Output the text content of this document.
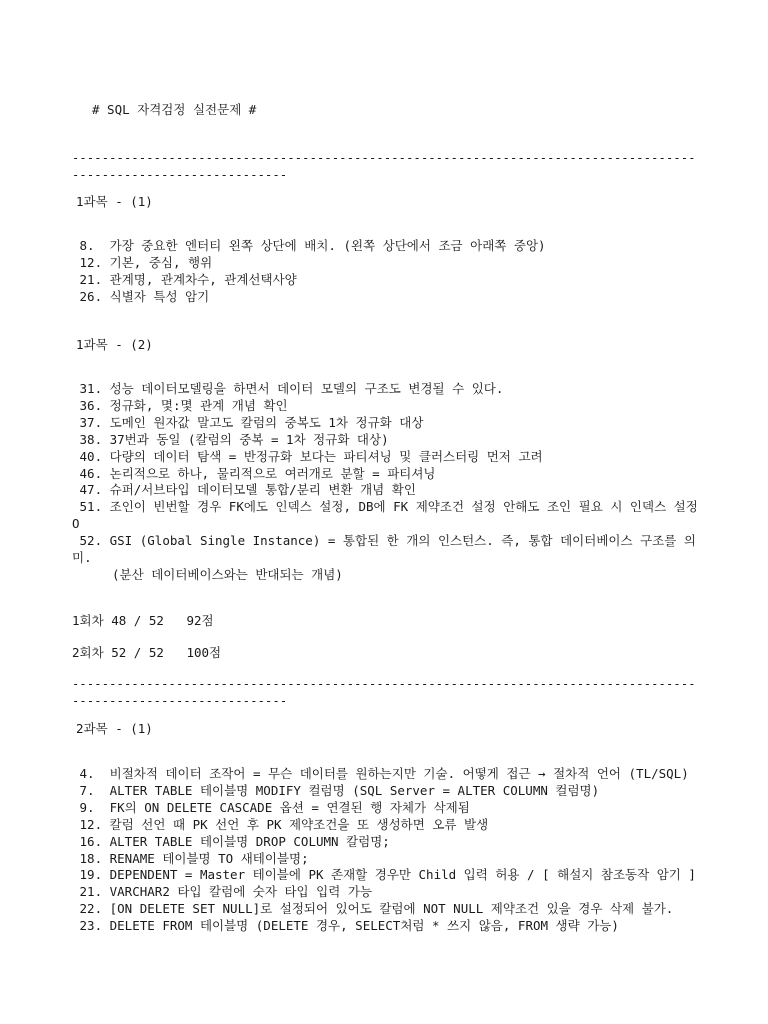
# SQL 자격검정 실전문제 #
-----------------------------------------------------------------------------------------------------------------
1과목 - (1)
8.  가장 중요한 엔터티 왼쪽 상단에 배치. (왼쪽 상단에서 조금 아래쪽 중앙)
12. 기본, 중심, 행위
21. 관계명, 관계차수, 관계선택사양
26. 식별자 특성 암기
1과목 - (2)
31. 성능 데이터모델링을 하면서 데이터 모델의 구조도 변경될 수 있다.
36. 정규화, 몇:몇 관계 개념 확인
37. 도메인 원자값 말고도 칼럼의 중복도 1차 정규화 대상
38. 37번과 동일 (칼럼의 중복 = 1차 정규화 대상)
40. 다량의 데이터 탐색 = 반정규화 보다는 파티셔닝 및 클러스터링 먼저 고려
46. 논리적으로 하나, 물리적으로 여러개로 분할 = 파티셔닝
47. 슈퍼/서브타입 데이터모델 통합/분리 변환 개념 확인
51. 조인이 빈번할 경우 FK에도 인덱스 설정, DB에 FK 제약조건 설정 안해도 조인 필요 시 인덱스 설정 O
52. GSI (Global Single Instance) = 통합된 한 개의 인스턴스. 즉, 통합 데이터베이스 구조를 의미.
(분산 데이터베이스와는 반대되는 개념)
1회차 48 / 52   92점
2회차 52 / 52   100점
-----------------------------------------------------------------------------------------------------------------
2과목 - (1)
4.  비절차적 데이터 조작어 = 무슨 데이터를 원하는지만 기술. 어떻게 접근 → 절차적 언어 (TL/SQL)
7.  ALTER TABLE 테이블명 MODIFY 컬럼명 (SQL Server = ALTER COLUMN 컬럼명)
9.  FK의 ON DELETE CASCADE 옵션 = 연결된 행 자체가 삭제됨
12. 칼럼 선언 때 PK 선언 후 PK 제약조건을 또 생성하면 오류 발생
16. ALTER TABLE 테이블명 DROP COLUMN 칼럼명;
18. RENAME 테이블명 TO 새테이블명;
19. DEPENDENT = Master 테이블에 PK 존재할 경우만 Child 입력 허용 / [ 해설지 참조동작 암기 ]
21. VARCHAR2 타입 칼럼에 숫자 타입 입력 가능
22. [ON DELETE SET NULL]로 설정되어 있어도 칼럼에 NOT NULL 제약조건 있을 경우 삭제 불가.
23. DELETE FROM 테이블명 (DELETE 경우, SELECT처럼 * 쓰지 않음, FROM 생략 가능)
